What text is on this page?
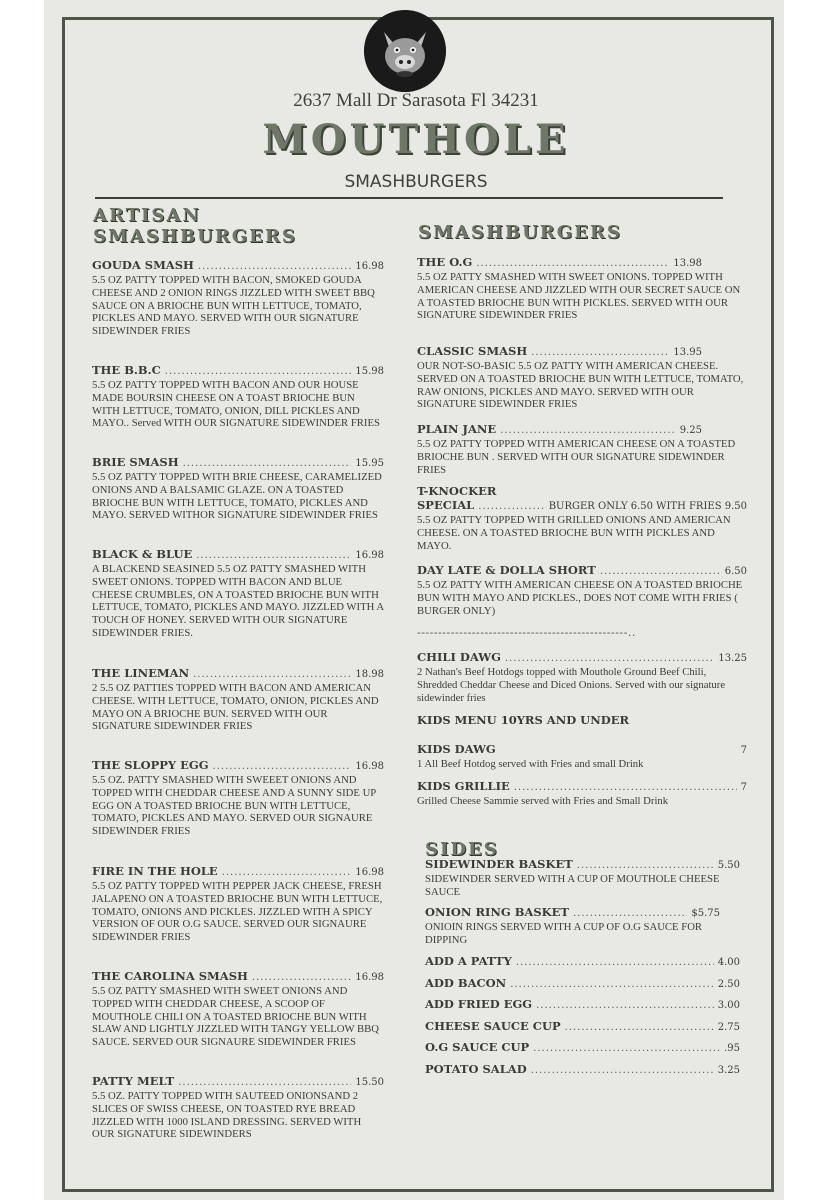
2637 Mall Dr Sarasota Fl 34231
MOUTHOLE
SMASHBURGERS
ARTISAN SMASHBURGERS
GOUDA SMASH .....	16.98
5.5 OZ PATTY TOPPED WITH BACON, SMOKED GOUDA CHEESE AND 2 ONION RINGS JIZZLED WITH SWEET BBQ SAUCE ON A BRIOCHE BUN WITH LETTUCE, TOMATO, PICKLES AND MAYO. SERVED WITH OUR SIGNATURE SIDEWINDER FRIES
THE B.B.C .....	15.98
5.5 OZ PATTY TOPPED WITH BACON AND OUR HOUSE MADE BOURSIN CHEESE ON A TOAST BRIOCHE BUN WITH LETTUCE, TOMATO, ONION, DILL PICKLES AND MAYO.. Served WITH OUR SIGNATURE SIDEWINDER FRIES
BRIE SMASH .....	15.95
5.5 OZ PATTY TOPPED WITH BRIE CHEESE, CARAMELIZED ONIONS AND A BALSAMIC GLAZE. ON A TOASTED BRIOCHE BUN WITH LETTUCE, TOMATO, PICKLES AND MAYO. SERVED WITHOR SIGNATURE SIDEWINDER FRIES
BLACK & BLUE .....	16.98
A BLACKEND SEASINED 5.5 OZ PATTY SMASHED WITH SWEET ONIONS. TOPPED WITH BACON AND BLUE CHEESE CRUMBLES, ON A TOASTED BRIOCHE BUN WITH LETTUCE, TOMATO, PICKLES AND MAYO. JIZZLED WITH A TOUCH OF HONEY. SERVED WITH OUR SIGNATURE SIDEWINDER FRIES.
THE LINEMAN .....	18.98
2 5.5 OZ PATTIES TOPPED WITH BACON AND AMERICAN CHEESE. WITH LETTUCE, TOMATO, ONION, PICKLES AND MAYO ON A BRIOCHE BUN. SERVED WITH OUR SIGNATURE SIDEWINDER FRIES
THE SLOPPY EGG .....	16.98
5.5 OZ. PATTY SMASHED WITH SWEEET ONIONS AND TOPPED WITH CHEDDAR CHEESE AND A SUNNY SIDE UP EGG ON A TOASTED BRIOCHE BUN WITH LETTUCE, TOMATO, PICKLES AND MAYO. SERVED OUR SIGNAURE SIDEWINDER FRIES
FIRE IN THE HOLE .....	16.98
5.5 OZ PATTY TOPPED WITH PEPPER JACK CHEESE, FRESH JALAPENO ON A TOASTED BRIOCHE BUN WITH LETTUCE, TOMATO, ONIONS AND PICKLES. JIZZLED WITH A SPICY VERSION OF OUR O.G SAUCE. SERVED OUR SIGNAURE SIDEWINDER FRIES
THE CAROLINA SMASH .....	16.98
5.5 OZ PATTY SMASHED WITH SWEET ONIONS AND TOPPED WITH CHEDDAR CHEESE, A SCOOP OF MOUTHOLE CHILI ON A TOASTED BRIOCHE BUN WITH SLAW AND LIGHTLY JIZZLED WITH TANGY YELLOW BBQ SAUCE. SERVED OUR SIGNAURE SIDEWINDER FRIES
PATTY MELT .....	15.50
5.5 OZ. PATTY TOPPED WITH SAUTEED ONIONSAND 2 SLICES OF SWISS CHEESE, ON TOASTED RYE BREAD JIZZLED WITH 1000 ISLAND DRESSING. SERVED WITH OUR SIGNATURE SIDEWINDERS
SMASHBURGERS
THE O.G .....	13.98
5.5 OZ PATTY SMASHED WITH SWEET ONIONS. TOPPED WITH AMERICAN CHEESE AND JIZZLED WITH OUR SECRET SAUCE ON A TOASTED BRIOCHE BUN WITH PICKLES. SERVED WITH OUR SIGNATURE SIDEWINDER FRIES
CLASSIC SMASH .....	13.95
OUR NOT-SO-BASIC 5.5 OZ PATTY WITH AMERICAN CHEESE. SERVED ON A TOASTED BRIOCHE BUN WITH LETTUCE, TOMATO, RAW ONIONS, PICKLES AND MAYO. SERVED WITH OUR SIGNATURE SIDEWINDER FRIES
PLAIN JANE .....	9.25
5.5 OZ PATTY TOPPED WITH AMERICAN CHEESE ON A TOASTED BRIOCHE BUN . SERVED WITH OUR SIGNATURE SIDEWINDER FRIES
T-KNOCKER
SPECIAL .....	BURGER ONLY 6.50 WITH FRIES 9.50
5.5 OZ PATTY TOPPED WITH GRILLED ONIONS AND AMERICAN CHEESE. ON A TOASTED BRIOCHE BUN WITH PICKLES AND MAYO.
DAY LATE & DOLLA SHORT .....	6.50
5.5 OZ PATTY WITH AMERICAN CHEESE ON A TOASTED BRIOCHE BUN WITH MAYO AND PICKLES., DOES NOT COME WITH FRIES ( BURGER ONLY)
--------------------------------------------------..
CHILI DAWG .....	13.25
2 Nathan's Beef Hotdogs topped with Mouthole Ground Beef Chili, Shredded Cheddar Cheese and Diced Onions. Served with our signature sidewinder fries
KIDS MENU 10YRS AND UNDER
KIDS DAWG	7
1 All Beef Hotdog served with Fries and small Drink
KIDS GRILLIE .....	7
Grilled Cheese Sammie served with Fries and Small Drink
SIDES
SIDEWINDER BASKET .....	5.50
SIDEWINDER SERVED WITH A CUP OF MOUTHOLE CHEESE SAUCE
ONION RING BASKET .....	$5.75
ONIOIN RINGS SERVED WITH A CUP OF O.G SAUCE FOR DIPPING
ADD A PATTY .....	4.00
ADD BACON .....	2.50
ADD FRIED EGG .....	3.00
CHEESE SAUCE CUP .....	2.75
O.G SAUCE CUP .....	.95
POTATO SALAD .....	3.25
